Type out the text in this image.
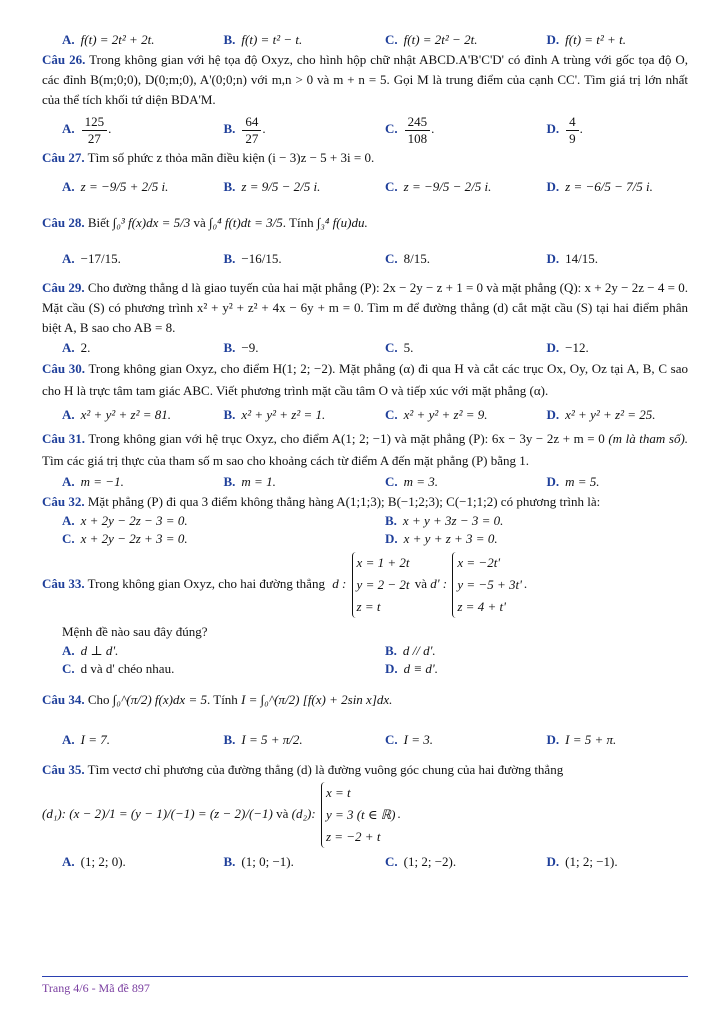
A. f(t) = 2t² + 2t.	B. f(t) = t² − t.	C. f(t) = 2t² − 2t.	D. f(t) = t² + t.
Câu 26. Trong không gian với hệ tọa độ Oxyz, cho hình hộp chữ nhật ABCD.A'B'C'D' có đỉnh A trùng với gốc tọa độ O, các đỉnh B(m;0;0), D(0;m;0), A'(0;0;n) với m,n > 0 và m + n = 5. Gọi M là trung điểm của cạnh CC'. Tìm giá trị lớn nhất của thể tích khối tứ diện BDA'M.
A. $\frac{125}{27}$ .	B. $\frac{64}{27}$ .	C. $\frac{245}{108}$ .	D. $\frac{4}{9}$ .
Câu 27. Tìm số phức z thỏa mãn điều kiện (i − 3)z − 5 + 3i = 0.
A. z = −9/5 + 2/5 i.	B. z = 9/5 − 2/5 i.	C. z = −9/5 − 2/5 i.	D. z = −6/5 − 7/5 i.
Câu 28. Biết ∫₀³ f(x)dx = 5/3 và ∫₀⁴ f(t)dt = 3/5. Tính ∫₃⁴ f(u)du.
A. −17/15.	B. −16/15.	C. 8/15.	D. 14/15.
Câu 29. Cho đường thẳng d là giao tuyến của hai mặt phẳng (P): 2x − 2y − z + 1 = 0 và mặt phẳng (Q): x + 2y − 2z − 4 = 0. Mặt cầu (S) có phương trình x² + y² + z² + 4x − 6y + m = 0. Tìm m để đường thẳng (d) cắt mặt cầu (S) tại hai điểm phân biệt A, B sao cho AB = 8.
A. 2.	B. −9.	C. 5.	D. −12.
Câu 30. Trong không gian Oxyz, cho điểm H(1; 2; −2). Mặt phẳng (α) đi qua H và cắt các trục Ox, Oy, Oz tại A, B, C sao cho H là trực tâm tam giác ABC. Viết phương trình mặt cầu tâm O và tiếp xúc với mặt phẳng (α).
A. x² + y² + z² = 81.	B. x² + y² + z² = 1.	C. x² + y² + z² = 9.	D. x² + y² + z² = 25.
Câu 31. Trong không gian với hệ trục Oxyz, cho điểm A(1; 2; −1) và mặt phẳng (P): 6x − 3y − 2z + m = 0 (m là tham số). Tìm các giá trị thực của tham số m sao cho khoảng cách từ điểm A đến mặt phẳng (P) bằng 1.
A. m = −1.	B. m = 1.	C. m = 3.	D. m = 5.
Câu 32. Mặt phẳng (P) đi qua 3 điểm không thẳng hàng A(1;1;3); B(−1;2;3); C(−1;1;2) có phương trình là:
A. x + 2y − 2z − 3 = 0.	B. x + y + 3z − 3 = 0.
C. x + 2y − 2z + 3 = 0.	D. x + y + z + 3 = 0.
Câu 33. Trong không gian Oxyz, cho hai đường thẳng d :
x = 1 + 2t
y = 2 − 2t
z = t
và d' :
x = −2t'
y = −5 + 3t'
z = 4 + t'
.
Mệnh đề nào sau đây đúng?
A. d ⊥ d'.	B. d // d'.
C. d và d' chéo nhau.	D. d ≡ d'.
Câu 34. Cho ∫₀^(π/2) f(x)dx = 5. Tính I = ∫₀^(π/2) [f(x) + 2sin x]dx.
A. I = 7.	B. I = 5 + π/2.	C. I = 3.	D. I = 5 + π.
Câu 35. Tìm vectơ chỉ phương của đường thẳng (d) là đường vuông góc chung của hai đường thẳng
(d₁): (x − 2)/1 = (y − 1)/(−1) = (z − 2)/(−1) và (d₂):
x = t
y = 3 (t ∈ ℝ)
z = −2 + t
.
A. (1; 2; 0).	B. (1; 0; −1).	C. (1; 2; −2).	D. (1; 2; −1).
Trang 4/6 - Mã đề 897
